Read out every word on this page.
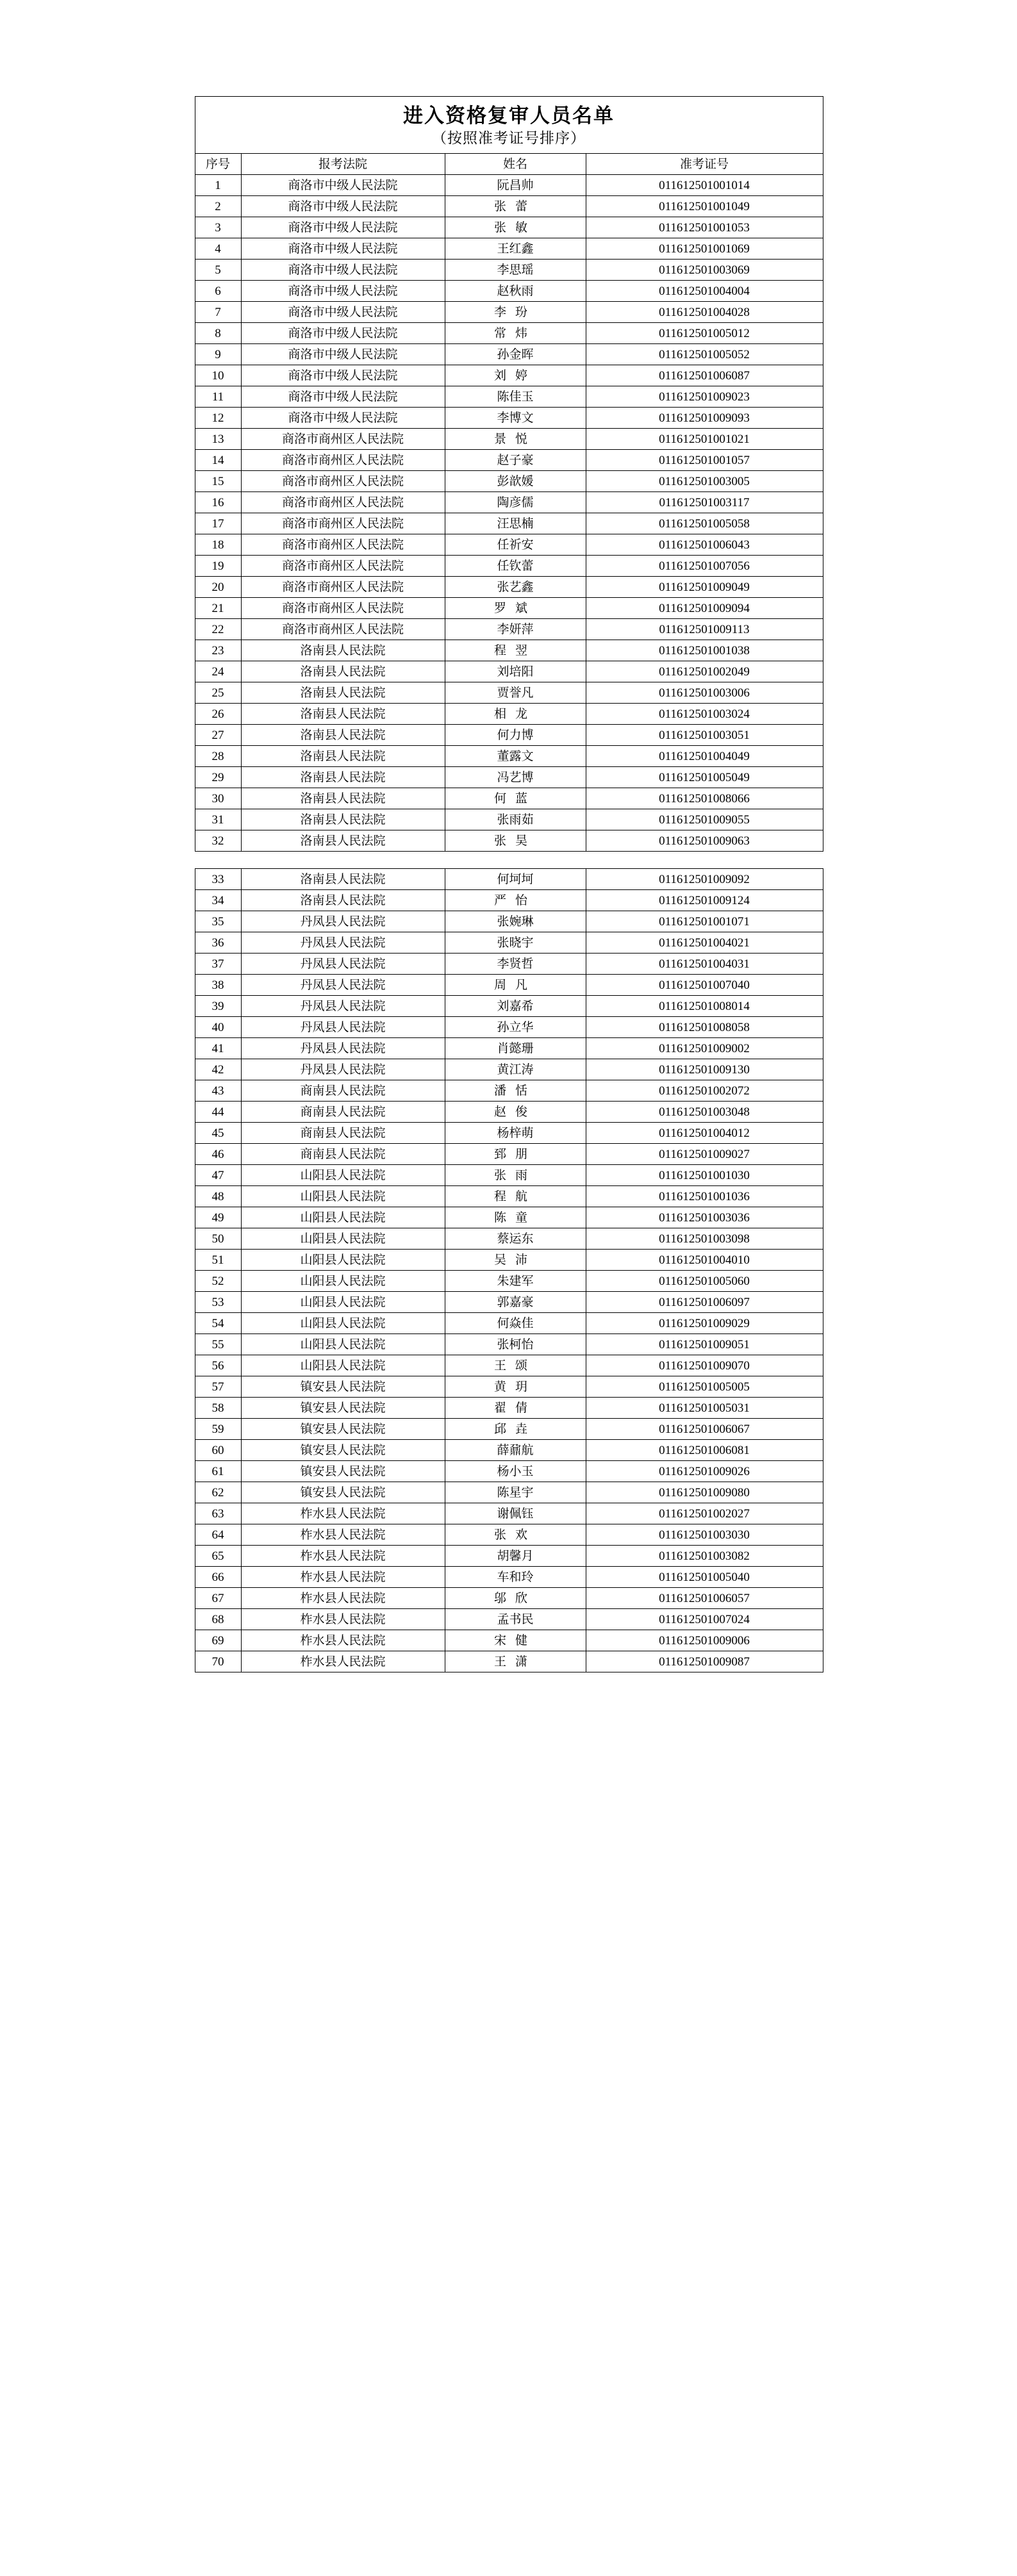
进入资格复审人员名单
（按照准考证号排序）			

序号	报考法院	姓名	准考证号
1	商洛市中级人民法院	阮昌帅	011612501001014
2	商洛市中级人民法院	张蕾	011612501001049
3	商洛市中级人民法院	张敏	011612501001053
4	商洛市中级人民法院	王红鑫	011612501001069
5	商洛市中级人民法院	李思瑶	011612501003069
6	商洛市中级人民法院	赵秋雨	011612501004004
7	商洛市中级人民法院	李玢	011612501004028
8	商洛市中级人民法院	常炜	011612501005012
9	商洛市中级人民法院	孙金晖	011612501005052
10	商洛市中级人民法院	刘婷	011612501006087
11	商洛市中级人民法院	陈佳玉	011612501009023
12	商洛市中级人民法院	李博文	011612501009093
13	商洛市商州区人民法院	景悦	011612501001021
14	商洛市商州区人民法院	赵子豪	011612501001057
15	商洛市商州区人民法院	彭歆媛	011612501003005
16	商洛市商州区人民法院	陶彦儒	011612501003117
17	商洛市商州区人民法院	汪思楠	011612501005058
18	商洛市商州区人民法院	任祈安	011612501006043
19	商洛市商州区人民法院	任钦蕾	011612501007056
20	商洛市商州区人民法院	张艺鑫	011612501009049
21	商洛市商州区人民法院	罗斌	011612501009094
22	商洛市商州区人民法院	李妍萍	011612501009113
23	洛南县人民法院	程翌	011612501001038
24	洛南县人民法院	刘培阳	011612501002049
25	洛南县人民法院	贾誉凡	011612501003006
26	洛南县人民法院	相龙	011612501003024
27	洛南县人民法院	何力博	011612501003051
28	洛南县人民法院	董露文	011612501004049
29	洛南县人民法院	冯艺博	011612501005049
30	洛南县人民法院	何蓝	011612501008066
31	洛南县人民法院	张雨茹	011612501009055
32	洛南县人民法院	张昊	011612501009063
33	洛南县人民法院	何坷坷	011612501009092
34	洛南县人民法院	严怡	011612501009124
35	丹凤县人民法院	张婉琳	011612501001071
36	丹凤县人民法院	张晓宇	011612501004021
37	丹凤县人民法院	李贤哲	011612501004031
38	丹凤县人民法院	周凡	011612501007040
39	丹凤县人民法院	刘嘉希	011612501008014
40	丹凤县人民法院	孙立华	011612501008058
41	丹凤县人民法院	肖懿珊	011612501009002
42	丹凤县人民法院	黄江涛	011612501009130
43	商南县人民法院	潘恬	011612501002072
44	商南县人民法院	赵俊	011612501003048
45	商南县人民法院	杨梓萌	011612501004012
46	商南县人民法院	郅朋	011612501009027
47	山阳县人民法院	张雨	011612501001030
48	山阳县人民法院	程航	011612501001036
49	山阳县人民法院	陈童	011612501003036
50	山阳县人民法院	蔡运东	011612501003098
51	山阳县人民法院	吴沛	011612501004010
52	山阳县人民法院	朱建军	011612501005060
53	山阳县人民法院	郭嘉豪	011612501006097
54	山阳县人民法院	何焱佳	011612501009029
55	山阳县人民法院	张柯怡	011612501009051
56	山阳县人民法院	王颂	011612501009070
57	镇安县人民法院	黄玥	011612501005005
58	镇安县人民法院	翟倩	011612501005031
59	镇安县人民法院	邱垚	011612501006067
60	镇安县人民法院	薛鼐航	011612501006081
61	镇安县人民法院	杨小玉	011612501009026
62	镇安县人民法院	陈星宇	011612501009080
63	柞水县人民法院	谢佩钰	011612501002027
64	柞水县人民法院	张欢	011612501003030
65	柞水县人民法院	胡馨月	011612501003082
66	柞水县人民法院	车和玲	011612501005040
67	柞水县人民法院	邬欣	011612501006057
68	柞水县人民法院	孟书民	011612501007024
69	柞水县人民法院	宋健	011612501009006
70	柞水县人民法院	王潇	011612501009087
